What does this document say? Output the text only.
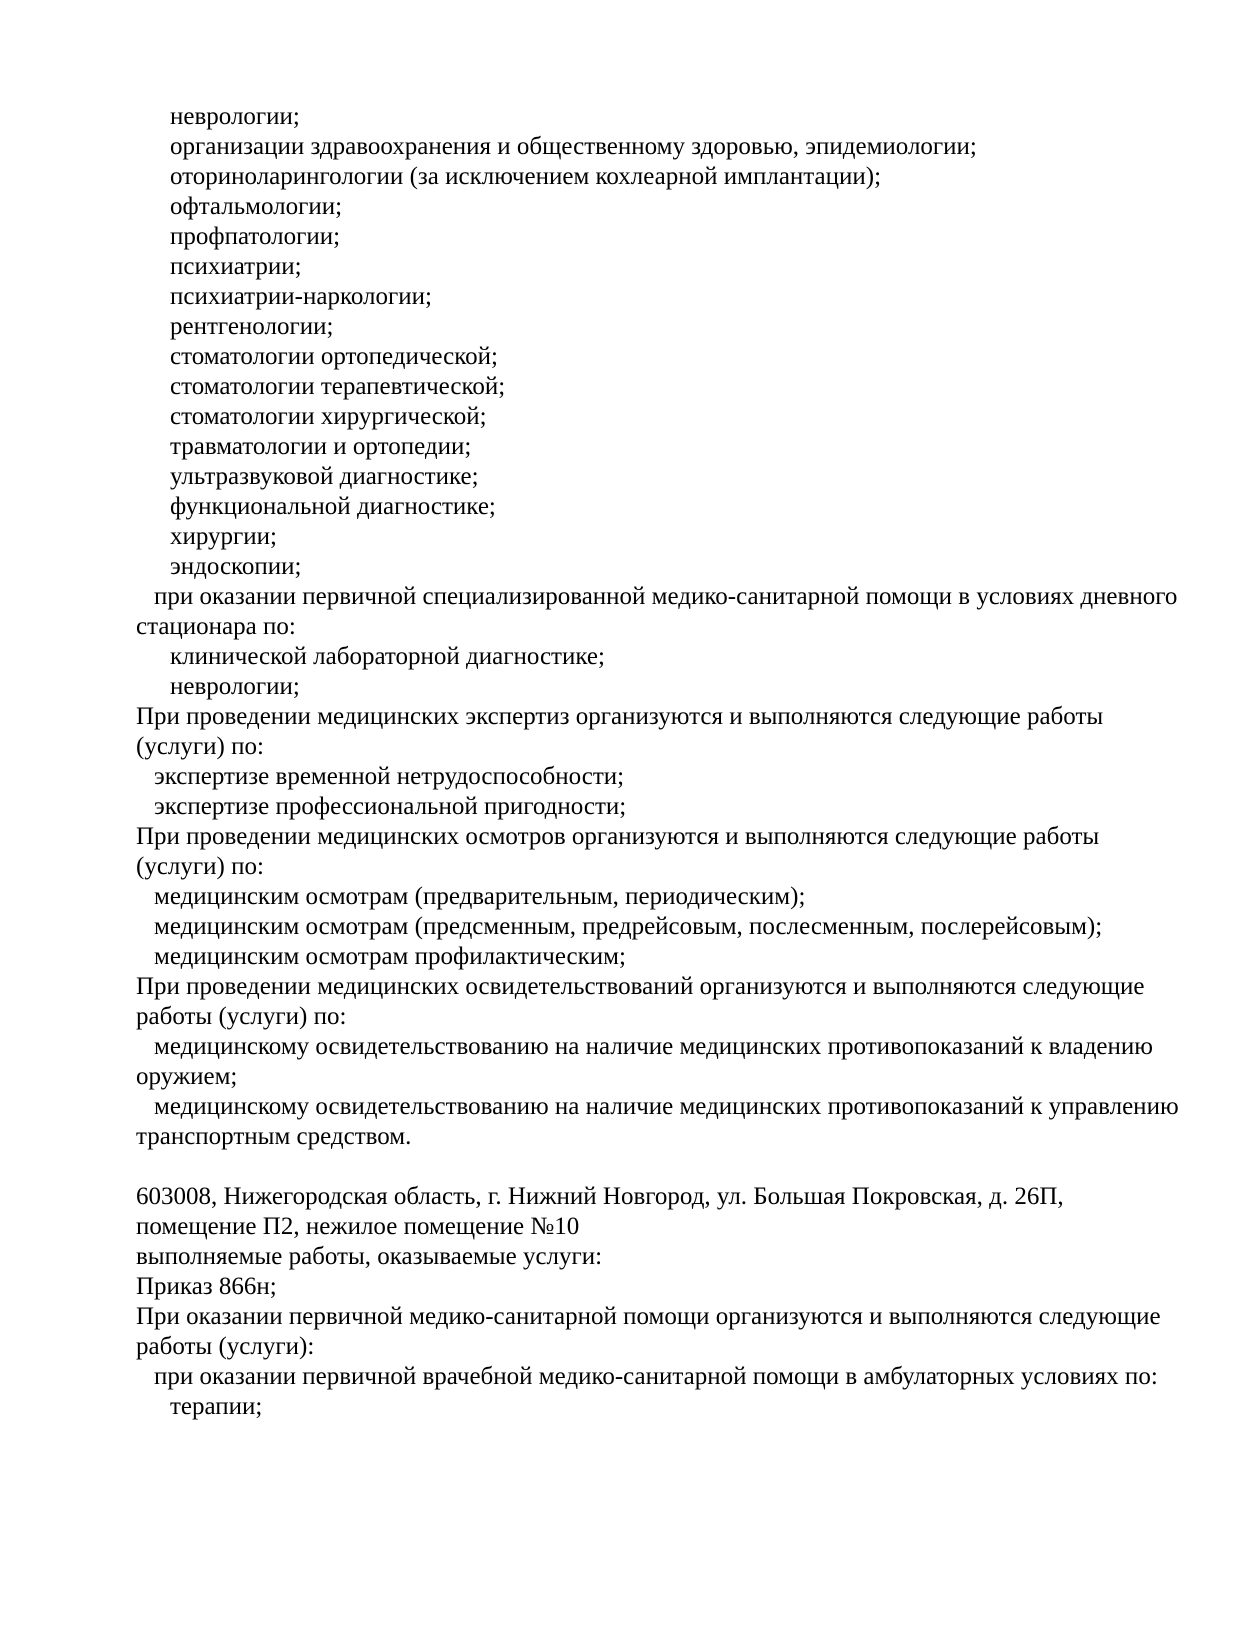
неврологии;
организации здравоохранения и общественному здоровью, эпидемиологии;
оториноларингологии (за исключением кохлеарной имплантации);
офтальмологии;
профпатологии;
психиатрии;
психиатрии-наркологии;
рентгенологии;
стоматологии ортопедической;
стоматологии терапевтической;
стоматологии хирургической;
травматологии и ортопедии;
ультразвуковой диагностике;
функциональной диагностике;
хирургии;
эндоскопии;
при оказании первичной специализированной медико-санитарной помощи в условиях дневного
стационара по:
клинической лабораторной диагностике;
неврологии;
При проведении медицинских экспертиз организуются и выполняются следующие работы
(услуги) по:
экспертизе временной нетрудоспособности;
экспертизе профессиональной пригодности;
При проведении медицинских осмотров организуются и выполняются следующие работы
(услуги) по:
медицинским осмотрам (предварительным, периодическим);
медицинским осмотрам (предсменным, предрейсовым, послесменным, послерейсовым);
медицинским осмотрам профилактическим;
При проведении медицинских освидетельствований организуются и выполняются следующие
работы (услуги) по:
медицинскому освидетельствованию на наличие медицинских противопоказаний к владению
оружием;
медицинскому освидетельствованию на наличие медицинских противопоказаний к управлению
транспортным средством.
603008, Нижегородская область, г. Нижний Новгород, ул. Большая Покровская, д. 26П,
помещение П2, нежилое помещение №10
выполняемые работы, оказываемые услуги:
Приказ 866н;
При оказании первичной медико-санитарной помощи организуются и выполняются следующие
работы (услуги):
при оказании первичной врачебной медико-санитарной помощи в амбулаторных условиях по:
терапии;
